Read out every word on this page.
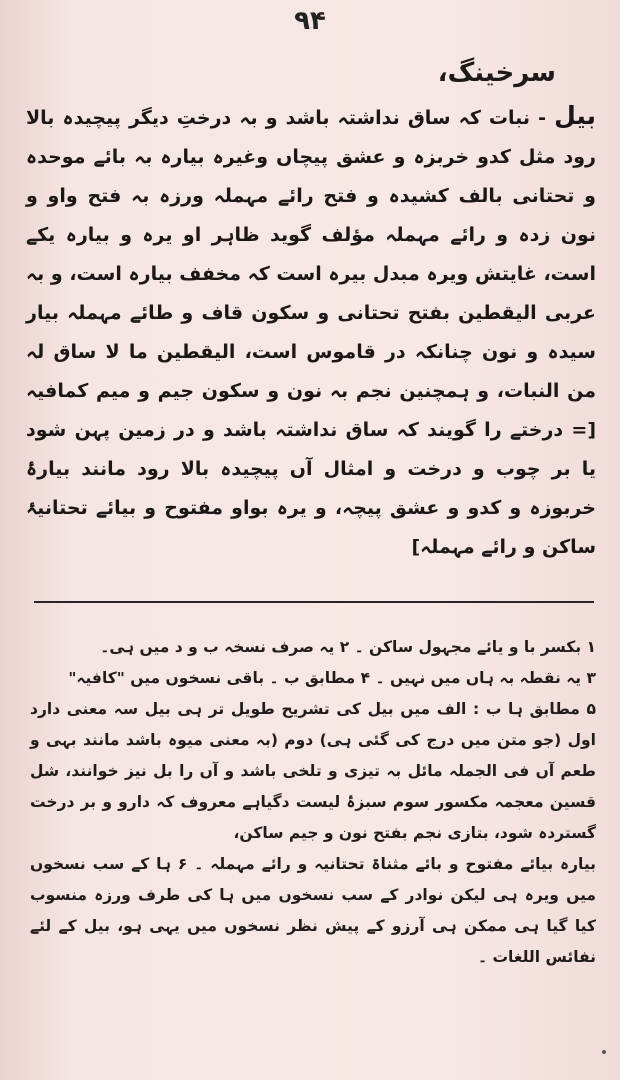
۹۴
سرخینگ،

بیل - نبات کہ ساق نداشتہ باشد و بہ درختِ دیگر پیچیدہ بالا رود مثل کدو خربزہ و عشق پیچاں وغیرہ بیارہ بہ بائے موحدہ و تحتانی بالف کشیدہ و فتح رائے مہملہ ورزہ بہ فتح واو و نون زدہ و رائے مہملہ مؤلف گوید ظاہر او یرہ و بیارہ یکے است، غایتش ویرہ مبدل بیرہ است کہ مخفف بیارہ است، و بہ عربی الیقطین بفتح تحتانی و سکون قاف و طائے مہملہ بیار سیدہ و نون چنانکہ در قاموس است، الیقطین ما لا ساق لہ من النبات، و ہمچنین نجم بہ نون و سکون جیم و میم کمافیہ [= درختے را گویند کہ ساق نداشتہ باشد و در زمین پہن شود یا بر چوب و درخت و امثال آں پیچیدہ بالا رود مانند بیارۂ خربوزہ و کدو و عشق پیچہ، و یرہ بواو مفتوح و بیائے تحتانیۂ ساکن و رائے مہملہ]

۱ بکسر با و یائے مجہول ساکن ۔ ۲ یہ صرف نسخہ ب و د میں ہی۔

۳ یہ نقطہ بہ ہاں میں نہیں ۔ ۴ مطابق ب ۔ باقی نسخوں میں "کافیہ"

۵ مطابق ہا ب : الف میں بیل کی تشریح طویل تر ہی بیل سہ معنی دارد اول (جو متن میں درج کی گئی ہی) دوم (بہ معنی میوہ باشد مانند بہی و طعم آں فی الجملہ مائل بہ تیزی و تلخی باشد و آں را بل نیز خوانند، شل قسین معجمہ مکسور سوم سبزۂ لیست دگیاہے معروف کہ دارو و بر درخت گستردہ شود، بتازی نجم بفتح نون و جیم ساکن،

بیارہ بیائے مفتوح و بائے مثناۃ تحتانیہ و رائے مہملہ ۔ ۶ ہا کے سب نسخوں میں ویرہ ہی لیکن نوادر کے سب نسخوں میں ہا کی طرف ورزہ منسوب کیا گیا ہی ممکن ہی آرزو کے پیش نظر نسخوں میں یہی ہو، بیل کے لئے نفائس اللغات ۔
